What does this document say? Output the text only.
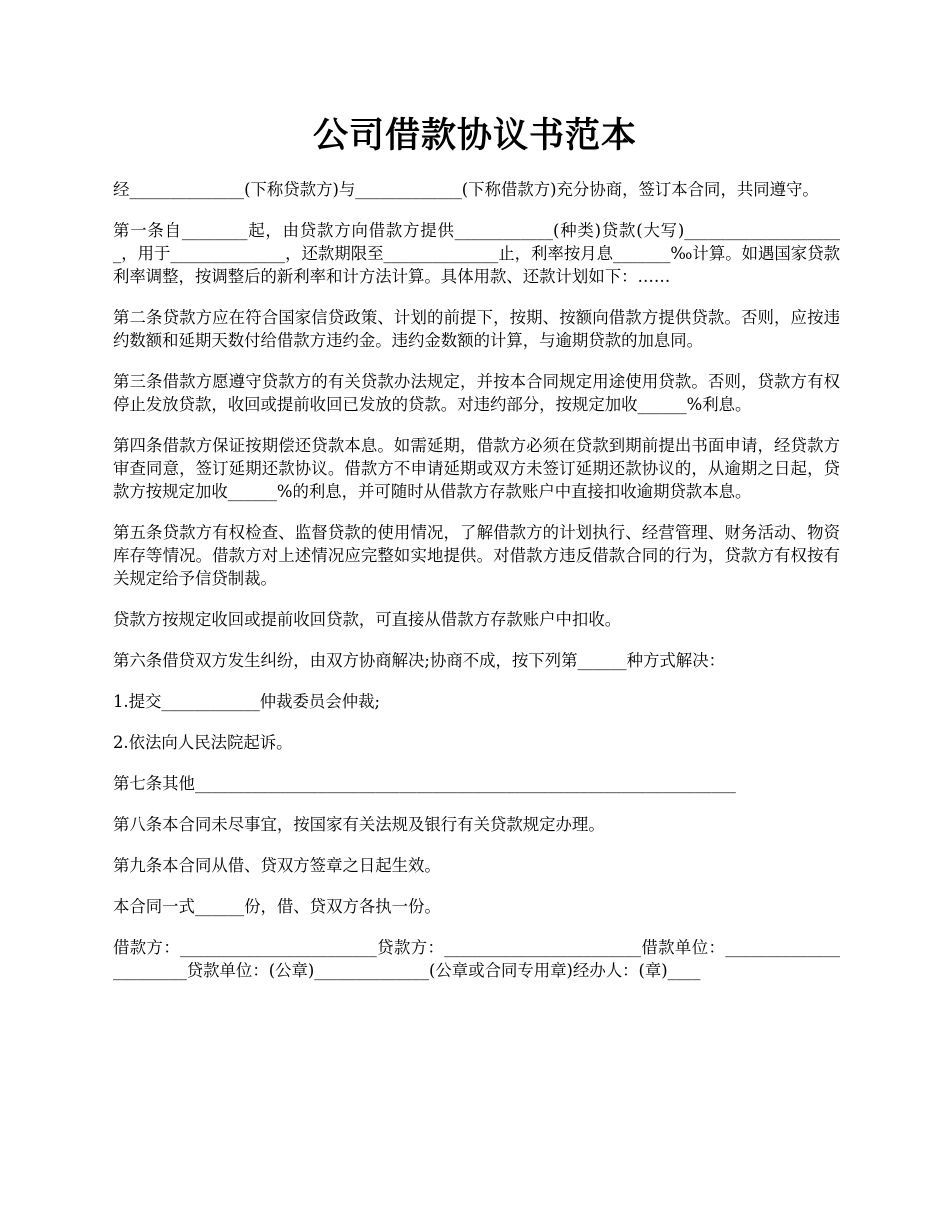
公司借款协议书范本

经______________(下称贷款方)与_____________(下称借款方)充分协商，签订本合同，共同遵守。

第一条自________起，由贷款方向借款方提供____________(种类)贷款(大写)____________________，用于______________，还款期限至______________止，利率按月息_______‰计算。如遇国家贷款利率调整，按调整后的新利率和计方法计算。具体用款、还款计划如下：……

第二条贷款方应在符合国家信贷政策、计划的前提下，按期、按额向借款方提供贷款。否则，应按违约数额和延期天数付给借款方违约金。违约金数额的计算，与逾期贷款的加息同。

第三条借款方愿遵守贷款方的有关贷款办法规定，并按本合同规定用途使用贷款。否则，贷款方有权停止发放贷款，收回或提前收回已发放的贷款。对违约部分，按规定加收______%利息。

第四条借款方保证按期偿还贷款本息。如需延期，借款方必须在贷款到期前提出书面申请，经贷款方审查同意，签订延期还款协议。借款方不申请延期或双方未签订延期还款协议的，从逾期之日起，贷款方按规定加收______%的利息，并可随时从借款方存款账户中直接扣收逾期贷款本息。

第五条贷款方有权检查、监督贷款的使用情况，了解借款方的计划执行、经营管理、财务活动、物资库存等情况。借款方对上述情况应完整如实地提供。对借款方违反借款合同的行为，贷款方有权按有关规定给予信贷制裁。

贷款方按规定收回或提前收回贷款，可直接从借款方存款账户中扣收。

第六条借贷双方发生纠纷，由双方协商解决;协商不成，按下列第______种方式解决：

1.提交____________仲裁委员会仲裁;

2.依法向人民法院起诉。

第七条其他__________________________________________________________________

第八条本合同未尽事宜，按国家有关法规及银行有关贷款规定办理。

第九条本合同从借、贷双方签章之日起生效。

本合同一式______份，借、贷双方各执一份。

借款方：________________________贷款方：________________________借款单位：_______________________贷款单位：(公章)______________(公章或合同专用章)经办人：(章)____
